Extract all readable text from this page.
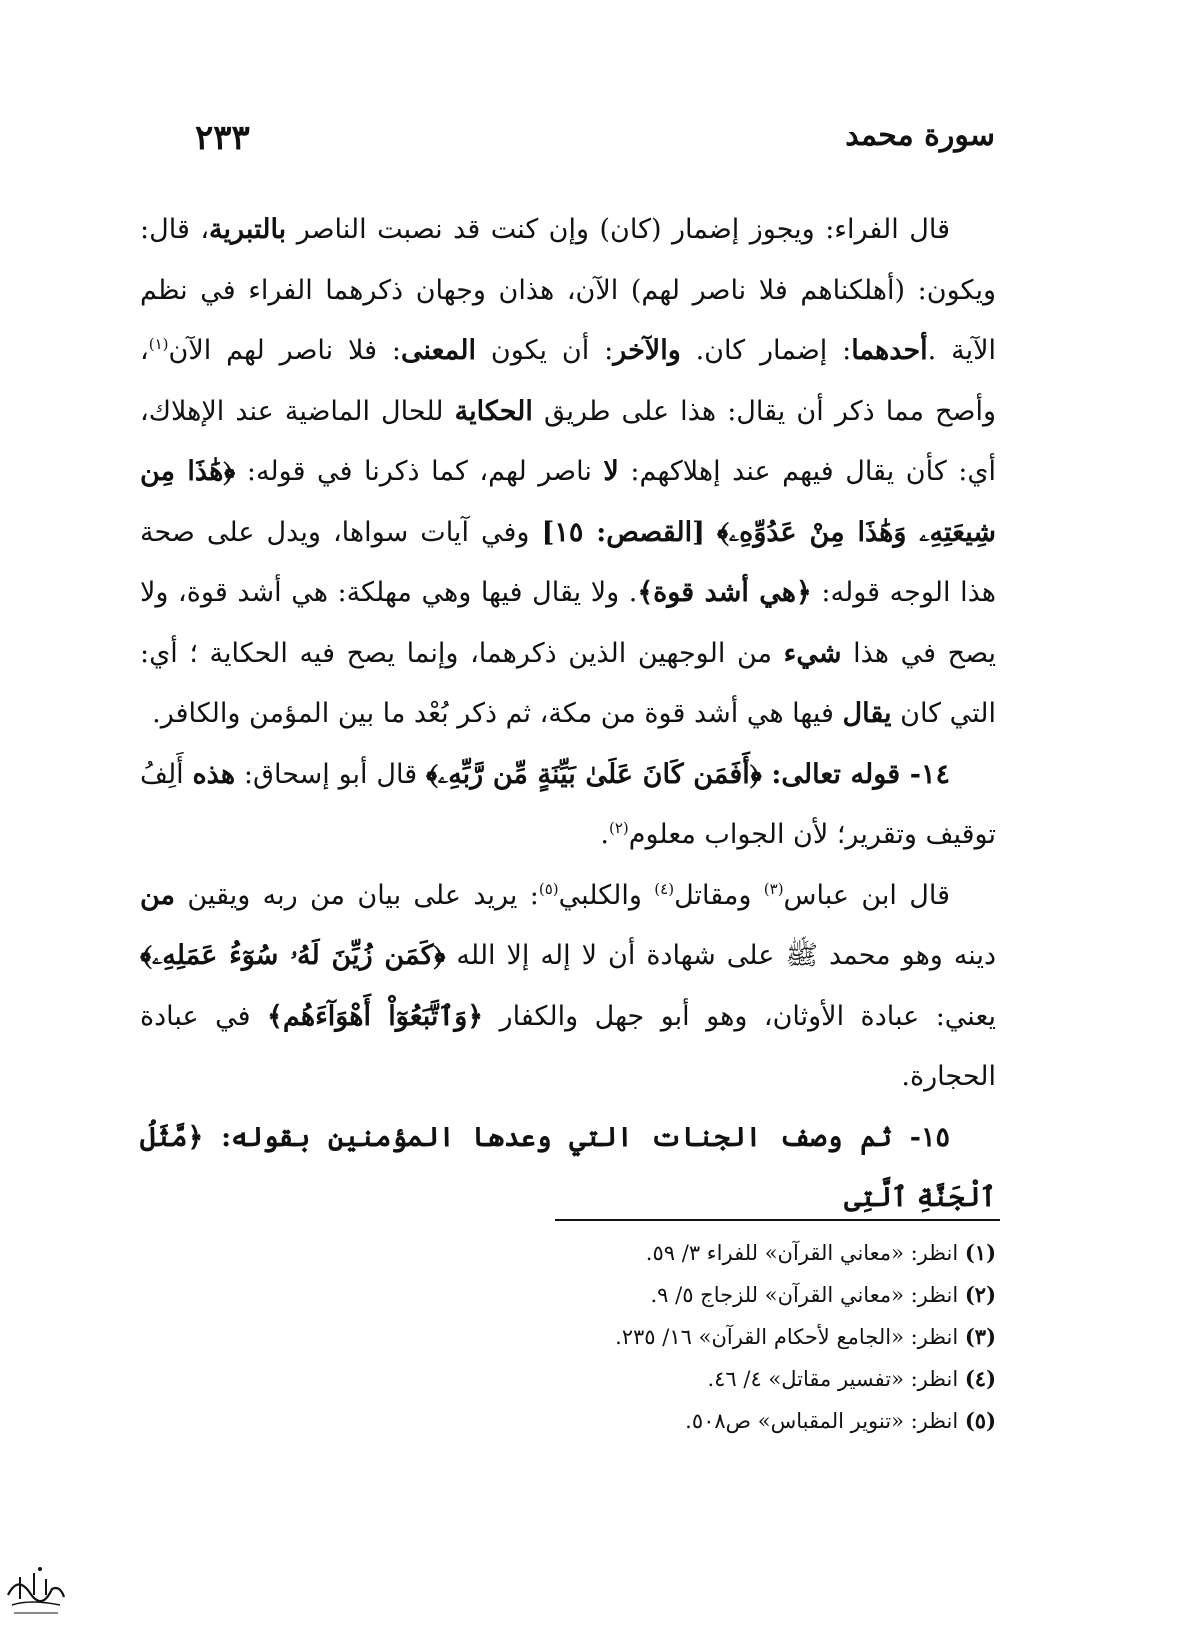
سورة محمد
٢٣٣

قال الفراء: ويجوز إضمار (كان) وإن كنت قد نصبت الناصر بالتبرية، قال: ويكون: (أهلكناهم فلا ناصر لهم) الآن، هذان وجهان ذكرهما الفراء في نظم الآية .أحدهما: إضمار كان. والآخر: أن يكون المعنى: فلا ناصر لهم الآن$^{(١)}$، وأصح مما ذكر أن يقال: هذا على طريق الحكاية للحال الماضية عند الإهلاك، أي: كأن يقال فيهم عند إهلاكهم: لا ناصر لهم، كما ذكرنا في قوله: ﴿هَٰذَا مِن شِيعَتِهِۦ وَهَٰذَا مِنْ عَدُوِّهِۦ﴾ [القصص: ١٥] وفي آيات سواها، ويدل على صحة هذا الوجه قوله: ﴿هي أشد قوة﴾. ولا يقال فيها وهي مهلكة: هي أشد قوة، ولا يصح في هذا شيء من الوجهين الذين ذكرهما، وإنما يصح فيه الحكاية ؛ أي: التي كان يقال فيها هي أشد قوة من مكة، ثم ذكر بُعْد ما بين المؤمن والكافر.

١٤- قوله تعالى: ﴿أَفَمَن كَانَ عَلَىٰ بَيِّنَةٍ مِّن رَّبِّهِۦ﴾ قال أبو إسحاق: هذه أَلِفُ توقيف وتقرير؛ لأن الجواب معلوم$^{(٢)}$.

قال ابن عباس$^{(٣)}$ ومقاتل$^{(٤)}$ والكلبي$^{(٥)}$: يريد على بيان من ربه ويقين من دينه وهو محمد ﷺ على شهادة أن لا إله إلا الله ﴿كَمَن زُيِّنَ لَهُۥ سُوٓءُ عَمَلِهِۦ﴾ يعني: عبادة الأوثان، وهو أبو جهل والكفار ﴿وَٱتَّبَعُوٓاْ أَهْوَآءَهُم﴾ في عبادة الحجارة.

١٥- ثم وصف الجنات التي وعدها المؤمنين بقوله: ﴿مَّثَلُ ٱلْجَنَّةِ ٱلَّتِى

(١) انظر: «معاني القرآن» للفراء ٣/ ٥٩.

(٢) انظر: «معاني القرآن» للزجاج ٥/ ٩.

(٣) انظر: «الجامع لأحكام القرآن» ١٦/ ٢٣٥.

(٤) انظر: «تفسير مقاتل» ٤/ ٤٦.

(٥) انظر: «تنوير المقباس» ص٥٠٨.
